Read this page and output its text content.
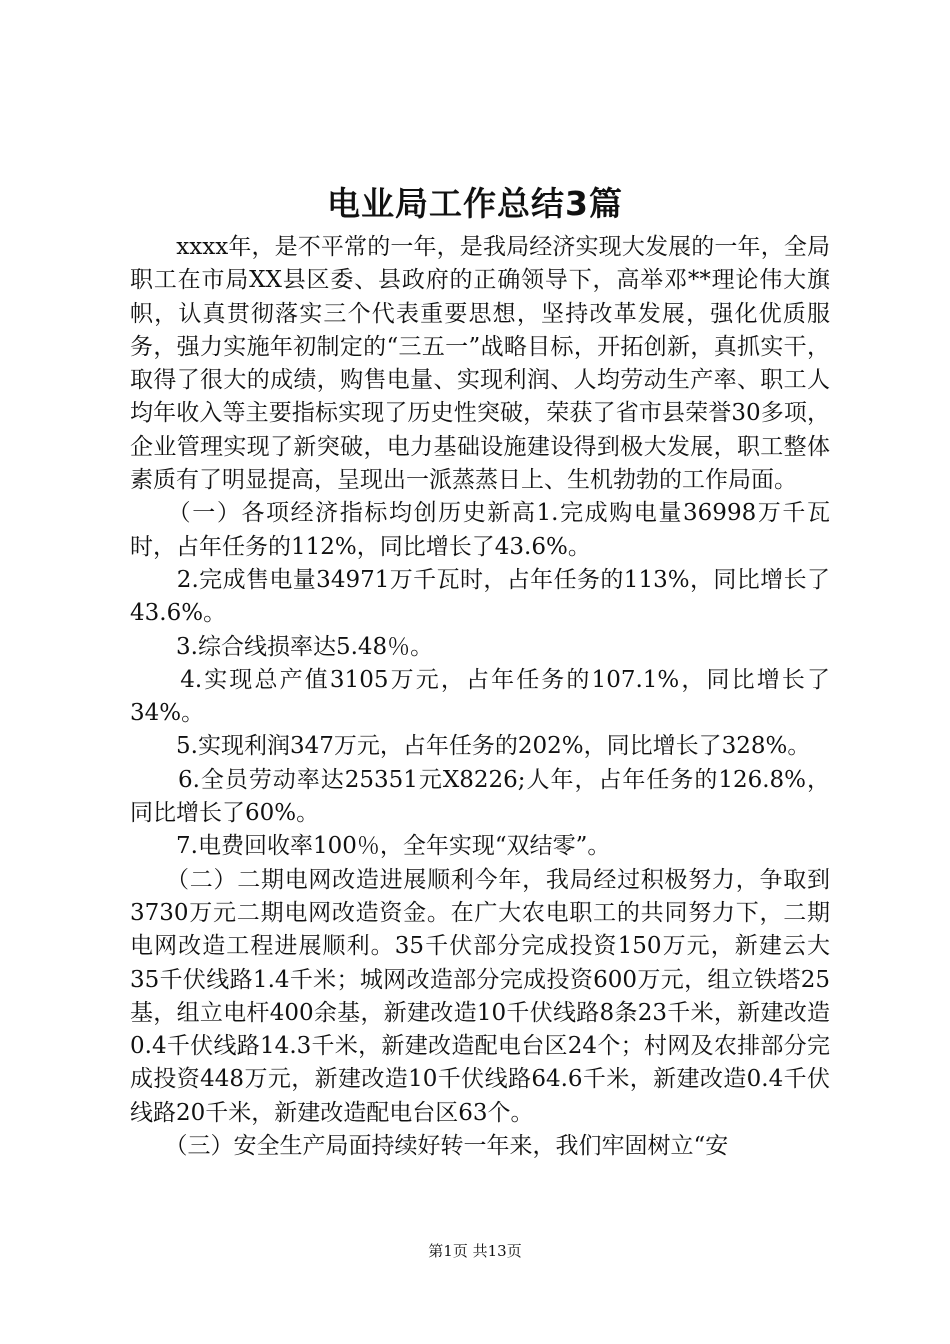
电业局工作总结3篇

　　xxxx年，是不平常的一年，是我局经济实现大发展的一年，全局职工在市局XX县区委、县政府的正确领导下，高举邓**理论伟大旗帜，认真贯彻落实三个代表重要思想，坚持改革发展，强化优质服务，强力实施年初制定的“三五一”战略目标，开拓创新，真抓实干，取得了很大的成绩，购售电量、实现利润、人均劳动生产率、职工人均年收入等主要指标实现了历史性突破，荣获了省市县荣誉30多项，企业管理实现了新突破，电力基础设施建设得到极大发展，职工整体素质有了明显提高，呈现出一派蒸蒸日上、生机勃勃的工作局面。

　　（一）各项经济指标均创历史新高1.完成购电量36998万千瓦时，占年任务的112%，同比增长了43.6%。

　　2.完成售电量34971万千瓦时，占年任务的113%，同比增长了43.6%。

　　3.综合线损率达5.48％。

　　4.实现总产值3105万元，占年任务的107.1%，同比增长了34%。

　　5.实现利润347万元，占年任务的202%，同比增长了328%。

　　6.全员劳动率达25351元X8226;人年，占年任务的126.8%，同比增长了60%。

　　7.电费回收率100％，全年实现“双结零”。

　　（二）二期电网改造进展顺利今年，我局经过积极努力，争取到3730万元二期电网改造资金。在广大农电职工的共同努力下，二期电网改造工程进展顺利。35千伏部分完成投资150万元，新建云大35千伏线路1.4千米；城网改造部分完成投资600万元，组立铁塔25基，组立电杆400余基，新建改造10千伏线路8条23千米，新建改造0.4千伏线路14.3千米，新建改造配电台区24个；村网及农排部分完成投资448万元，新建改造10千伏线路64.6千米，新建改造0.4千伏线路20千米，新建改造配电台区63个。

　　（三）安全生产局面持续好转一年来，我们牢固树立“安

第1页 共13页
